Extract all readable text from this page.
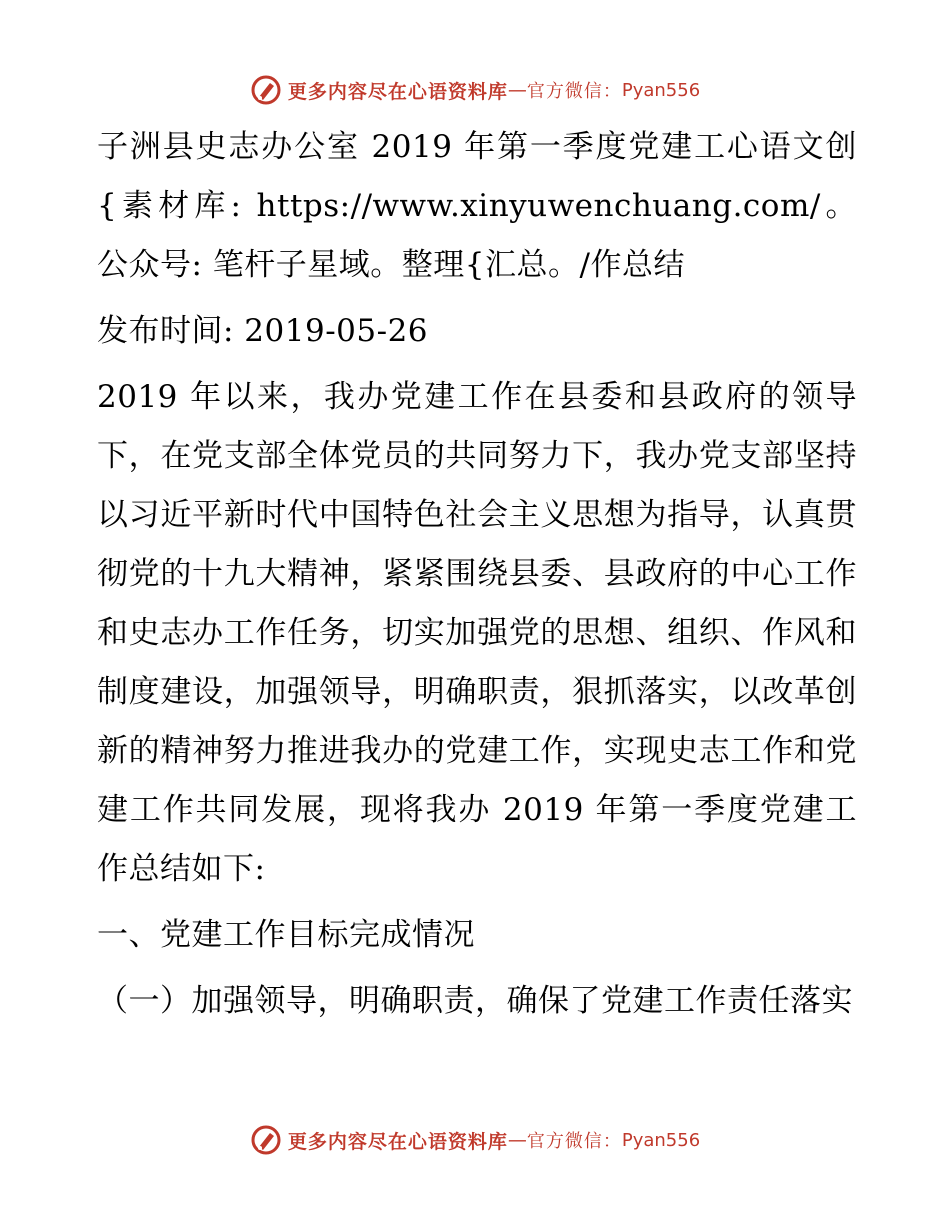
更多内容尽在心语资料库 — 官方微信： Pyan556

子洲县史志办公室 2019 年第一季度党建工心语文创{素材库: https://www.xinyuwenchuang.com/。公众号: 笔杆子星域。整理{汇总。/作总结

发布时间: 2019-05-26

2019 年以来，我办党建工作在县委和县政府的领导下，在党支部全体党员的共同努力下，我办党支部坚持以习近平新时代中国特色社会主义思想为指导，认真贯彻党的十九大精神，紧紧围绕县委、县政府的中心工作和史志办工作任务，切实加强党的思想、组织、作风和制度建设，加强领导，明确职责，狠抓落实，以改革创新的精神努力推进我办的党建工作，实现史志工作和党建工作共同发展，现将我办 2019 年第一季度党建工作总结如下:

一、党建工作目标完成情况

（一）加强领导，明确职责，确保了党建工作责任落实

更多内容尽在心语资料库 — 官方微信： Pyan556
